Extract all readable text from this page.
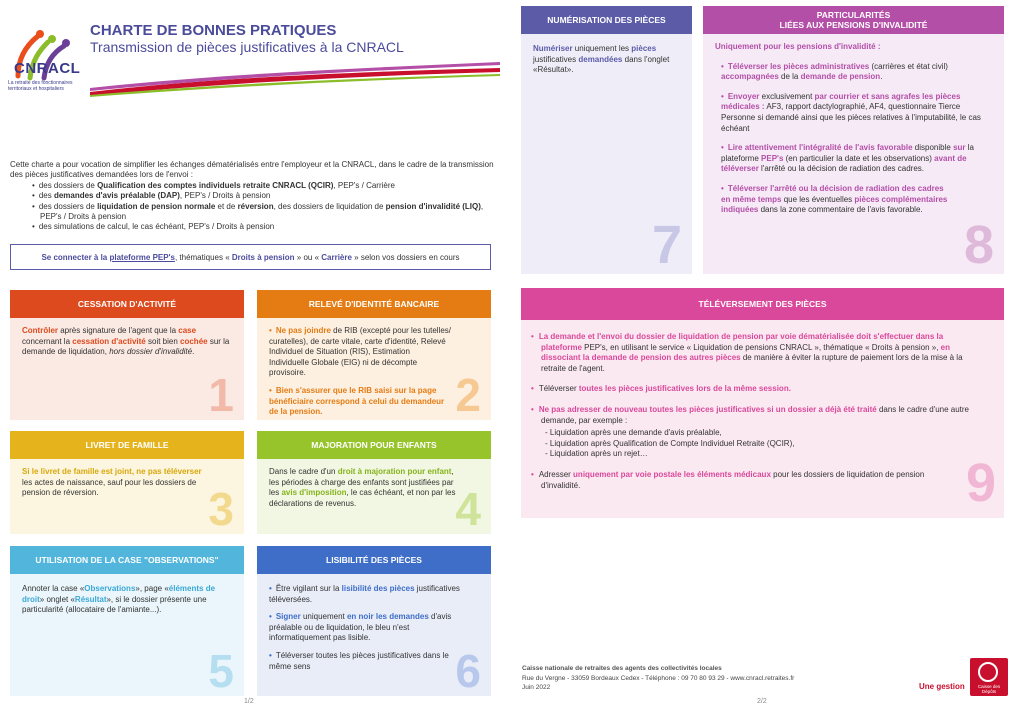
CNRACL
La retraite des fonctionnaires territoriaux et hospitaliers
CHARTE DE BONNES PRATIQUES
Transmission de pièces justificatives à la CNRACL
Cette charte a pour vocation de simplifier les échanges dématérialisés entre l'employeur et la CNRACL, dans le cadre de la transmission des pièces justificatives demandées lors de l'envoi :
• des dossiers de Qualification des comptes individuels retraite CNRACL (QCIR), PEP's / Carrière
• des demandes d'avis préalable (DAP), PEP's / Droits à pension
• des dossiers de liquidation de pension normale et de réversion, des dossiers de liquidation de pension d'invalidité (LIQ), PEP's / Droits à pension
• des simulations de calcul, le cas échéant, PEP's / Droits à pension
Se connecter à la plateforme PEP's, thématiques « Droits à pension » ou « Carrière » selon vos dossiers en cours
CESSATION D'ACTIVITÉ

Contrôler après signature de l'agent que la case concernant la cessation d'activité soit bien cochée sur la demande de liquidation, hors dossier d'invalidité.

1
RELEVÉ D'IDENTITÉ BANCAIRE

• Ne pas joindre de RIB (excepté pour les tutelles/ curatelles), de carte vitale, carte d'identité, Relevé Individuel de Situation (RIS), Estimation Individuelle Globale (EIG) ni de décompte provisoire.

• Bien s'assurer que le RIB saisi sur la page bénéficiaire correspond à celui du demandeur de la pension.	2
LIVRET DE FAMILLE

Si le livret de famille est joint, ne pas téléverser les actes de naissance, sauf pour les dossiers de pension de réversion.	3
MAJORATION POUR ENFANTS

Dans le cadre d'un droit à majoration pour enfant, les périodes à charge des enfants sont justifiées par les avis d'imposition, le cas échéant, et non par les déclarations de revenus.	4
UTILISATION DE LA CASE "OBSERVATIONS"

Annoter la case «Observations», page «éléments de droit» onglet «Résultat», si le dossier présente une particularité (allocataire de l'amiante...).

5
LISIBILITÉ DES PIÈCES

• Être vigilant sur la lisibilité des pièces justificatives téléversées.

• Signer uniquement en noir les demandes d'avis préalable ou de liquidation, le bleu n'est informatiquement pas lisible.

• Téléverser toutes les pièces justificatives dans le même sens	6
1/2
NUMÉRISATION DES PIÈCES

Numériser uniquement les pièces justificatives demandées dans l'onglet «Résultat».

7
PARTICULARITÉS
LIÉES AUX PENSIONS D'INVALIDITÉ

Uniquement pour les pensions d'invalidité :

• Téléverser les pièces administratives (carrières et état civil) accompagnées de la demande de pension.

• Envoyer exclusivement par courrier et sans agrafes les pièces médicales : AF3, rapport dactylographié, AF4, questionnaire Tierce Personne si demandé ainsi que les pièces relatives à l'imputabilité, le cas échéant

• Lire attentivement l'intégralité de l'avis favorable disponible sur la plateforme PEP's (en particulier la date et les observations) avant de téléverser l'arrêté ou la décision de radiation des cadres.

• Téléverser l'arrêté ou la décision de radiation des cadres en même temps que les éventuelles pièces complémentaires indiquées dans la zone commentaire de l'avis favorable.

8
TÉLÉVERSEMENT DES PIÈCES

• La demande et l'envoi du dossier de liquidation de pension par voie dématérialisée doit s'effectuer dans la plateforme PEP's, en utilisant le service « Liquidation de pensions CNRACL », thématique « Droits à pension », en dissociant la demande de pension des autres pièces de manière à éviter la rupture de paiement lors de la mise à la retraite de l'agent.

• Téléverser toutes les pièces justificatives lors de la même session.

• Ne pas adresser de nouveau toutes les pièces justificatives si un dossier a déjà été traité dans le cadre d'une autre demande, par exemple :

- Liquidation après une demande d'avis préalable,
- Liquidation après Qualification de Compte Individuel Retraite (QCIR),
- Liquidation après un rejet…

• Adresser uniquement par voie postale les éléments médicaux pour les dossiers de liquidation de pension d'invalidité.	9
Caisse nationale de retraites des agents des collectivités locales
Rue du Vergne - 33059 Bordeaux Cedex - Téléphone : 09 70 80 93 29 - www.cnracl.retraites.fr
Juin 2022	Une gestion	Caisse des Dépôts
2/2
